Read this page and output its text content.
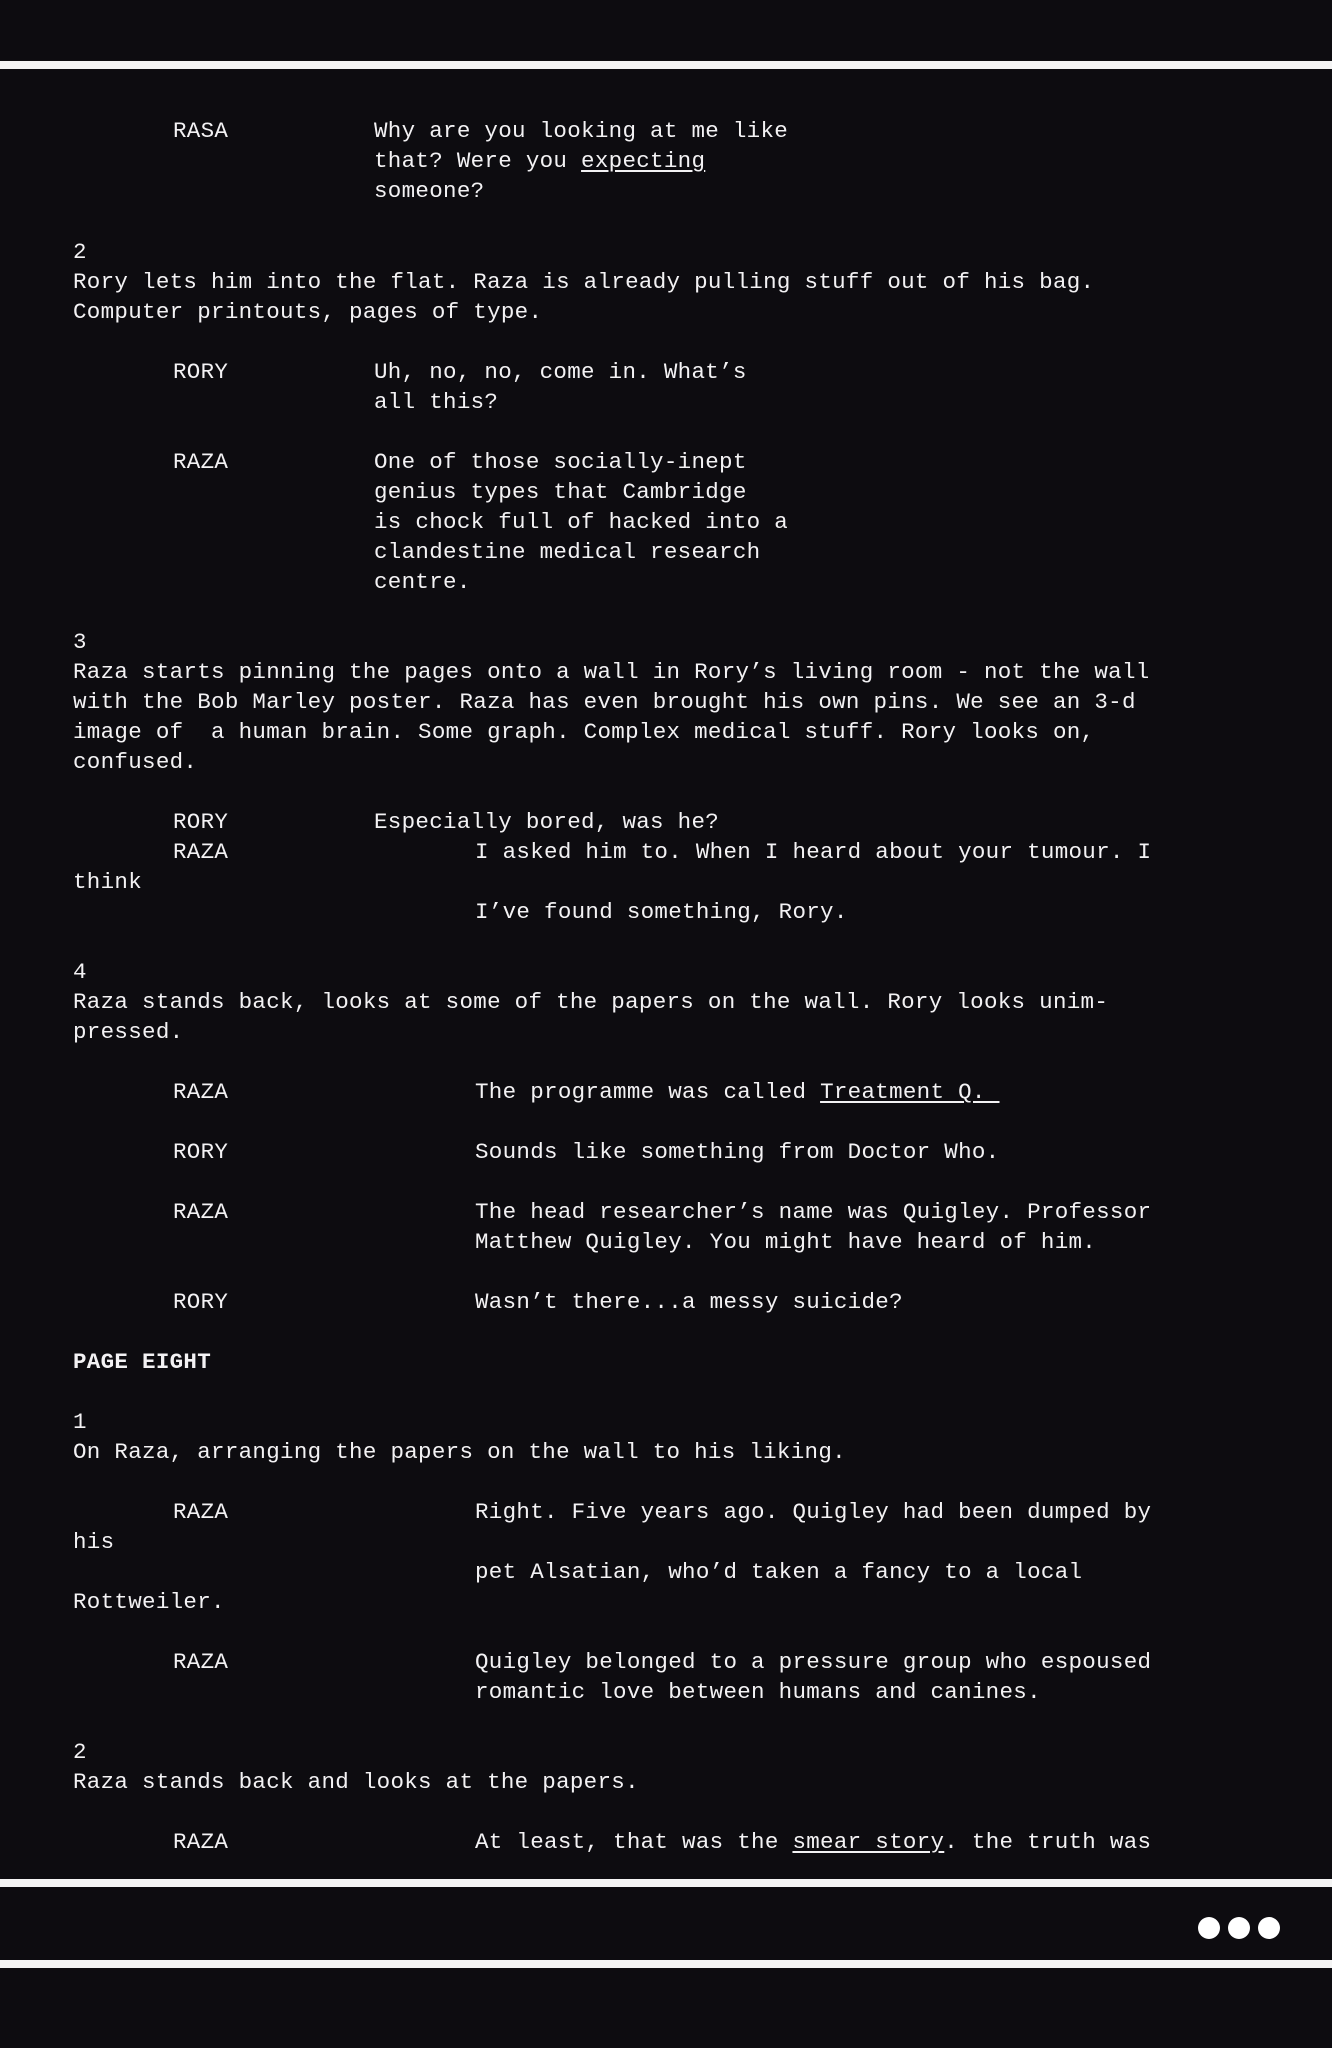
RASA	Why are you looking at me like
that? Were you expecting
someone?
2
Rory lets him into the flat. Raza is already pulling stuff out of his bag.
Computer printouts, pages of type.
RORY	Uh, no, no, come in. What’s
all this?
RAZA	One of those socially-inept
genius types that Cambridge
is chock full of hacked into a
clandestine medical research
centre.
3
Raza starts pinning the pages onto a wall in Rory’s living room - not the wall
with the Bob Marley poster. Raza has even brought his own pins. We see an 3-d
image of  a human brain. Some graph. Complex medical stuff. Rory looks on,
confused.
RORY	Especially bored, was he?
RAZA	I asked him to. When I heard about your tumour. I
think
I’ve found something, Rory.
4
Raza stands back, looks at some of the papers on the wall. Rory looks unim-
pressed.
RAZA	The programme was called Treatment Q.
RORY	Sounds like something from Doctor Who.
RAZA	The head researcher’s name was Quigley. Professor
Matthew Quigley. You might have heard of him.
RORY	Wasn’t there...a messy suicide?
PAGE EIGHT
1
On Raza, arranging the papers on the wall to his liking.
RAZA	Right. Five years ago. Quigley had been dumped by
his
pet Alsatian, who’d taken a fancy to a local
Rottweiler.
RAZA	Quigley belonged to a pressure group who espoused
romantic love between humans and canines.
2
Raza stands back and looks at the papers.
RAZA	At least, that was the smear story. the truth was
